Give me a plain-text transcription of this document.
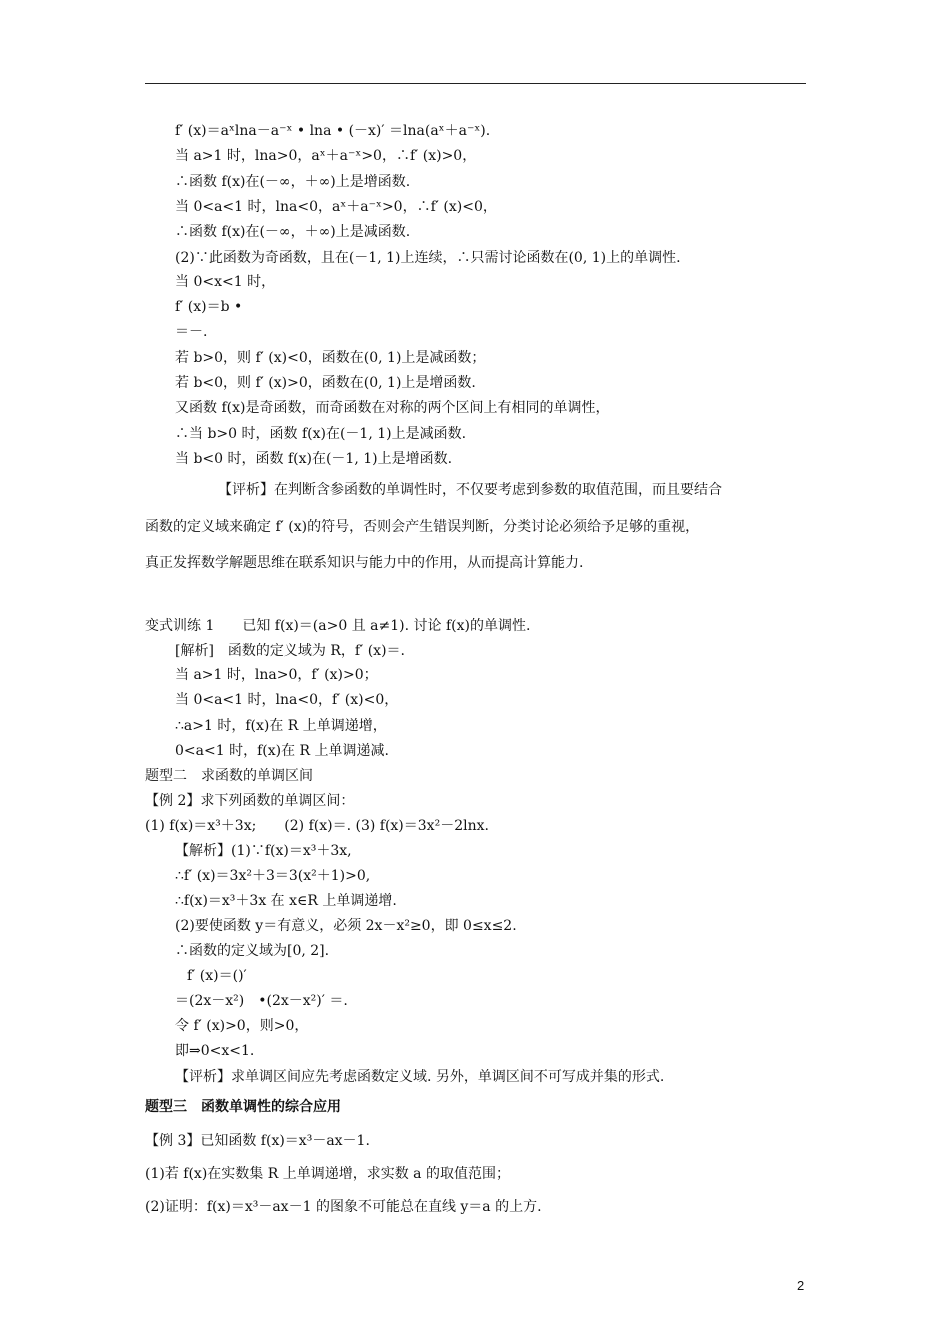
f′ (x)＝aˣlna－a⁻ˣ • lna • (－x)′ ＝lna(aˣ＋a⁻ˣ).
当 a>1 时，lna>0，aˣ＋a⁻ˣ>0，∴f′ (x)>0，
∴函数 f(x)在(－∞，＋∞)上是增函数.
当 0<a<1 时，lna<0，aˣ＋a⁻ˣ>0，∴f′ (x)<0，
∴函数 f(x)在(－∞，＋∞)上是减函数.
(2)∵此函数为奇函数，且在(－1, 1)上连续，∴只需讨论函数在(0, 1)上的单调性.
当 0<x<1 时，
f′ (x)＝b •
＝－.
若 b>0，则 f′ (x)<0，函数在(0, 1)上是减函数；
若 b<0，则 f′ (x)>0，函数在(0, 1)上是增函数.
又函数 f(x)是奇函数，而奇函数在对称的两个区间上有相同的单调性，
∴当 b>0 时，函数 f(x)在(－1, 1)上是减函数.
当 b<0 时，函数 f(x)在(－1, 1)上是增函数.
【评析】在判断含参函数的单调性时，不仅要考虑到参数的取值范围，而且要结合
函数的定义域来确定 f′ (x)的符号，否则会产生错误判断，分类讨论必须给予足够的重视，
真正发挥数学解题思维在联系知识与能力中的作用，从而提高计算能力.
变式训练 1　　已知 f(x)＝(a>0 且 a≠1). 讨论 f(x)的单调性.
[解析]　函数的定义域为 R，f′ (x)＝.
当 a>1 时，lna>0，f′ (x)>0；
当 0<a<1 时，lna<0，f′ (x)<0，
∴a>1 时，f(x)在 R 上单调递增，
0<a<1 时，f(x)在 R 上单调递减.
题型二　求函数的单调区间
【例 2】求下列函数的单调区间：
(1) f(x)＝x³＋3x;　　(2) f(x)＝. (3) f(x)＝3x²－2lnx.
【解析】(1)∵f(x)＝x³＋3x,
∴f′ (x)＝3x²＋3＝3(x²＋1)>0,
∴f(x)＝x³＋3x 在 x∈R 上单调递增.
(2)要使函数 y＝有意义，必须 2x－x²≥0，即 0≤x≤2.
∴函数的定义域为[0, 2].
f′ (x)＝()′
＝(2x－x²)　•(2x－x²)′ ＝.
令 f′ (x)>0，则>0，
即⇒0<x<1.
【评析】求单调区间应先考虑函数定义域. 另外，单调区间不可写成并集的形式.
题型三　函数单调性的综合应用
【例 3】已知函数 f(x)＝x³－ax－1.
(1)若 f(x)在实数集 R 上单调递增，求实数 a 的取值范围；
(2)证明：f(x)＝x³－ax－1 的图象不可能总在直线 y＝a 的上方.
2
